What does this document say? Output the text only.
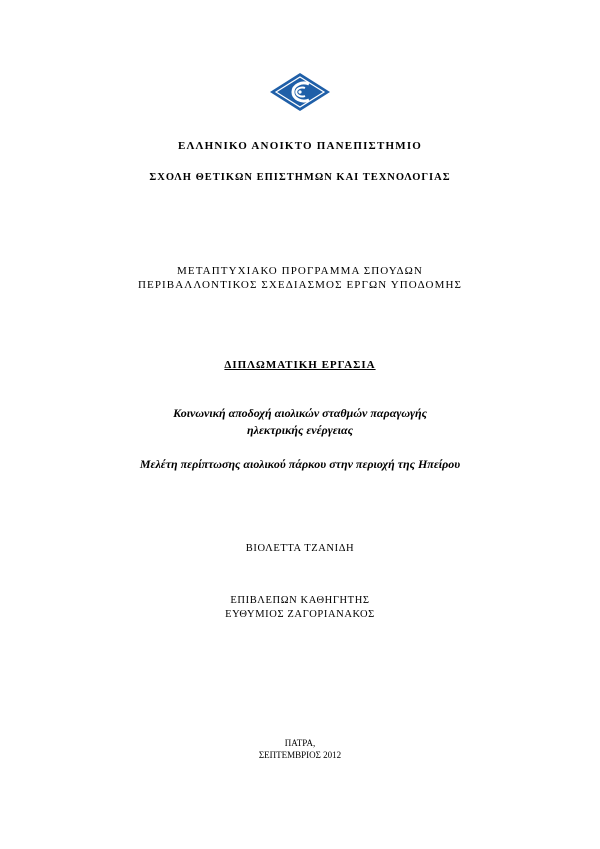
ΕΛΛΗΝΙΚΟ ΑΝΟΙΚΤΟ ΠΑΝΕΠΙΣΤΗΜΙΟ
ΣΧΟΛΗ ΘΕΤΙΚΩΝ ΕΠΙΣΤΗΜΩΝ ΚΑΙ ΤΕΧΝΟΛΟΓΙΑΣ
ΜΕΤΑΠΤΥΧΙΑΚΟ ΠΡΟΓΡΑΜΜΑ ΣΠΟΥΔΩΝ
ΠΕΡΙΒΑΛΛΟΝΤΙΚΟΣ ΣΧΕΔΙΑΣΜΟΣ ΕΡΓΩΝ ΥΠΟΔΟΜΗΣ
ΔΙΠΛΩΜΑΤΙΚΗ ΕΡΓΑΣΙΑ
Κοινωνική αποδοχή αιολικών σταθμών παραγωγής
ηλεκτρικής ενέργειας
Μελέτη περίπτωσης αιολικού πάρκου στην περιοχή της Ηπείρου
ΒΙΟΛΕΤΤΑ ΤΖΑΝΙΔΗ
ΕΠΙΒΛΕΠΩΝ ΚΑΘΗΓΗΤΗΣ
ΕΥΘΥΜΙΟΣ ΖΑΓΟΡΙΑΝΑΚΟΣ
ΠΑΤΡΑ,
ΣΕΠΤΕΜΒΡΙΟΣ 2012
